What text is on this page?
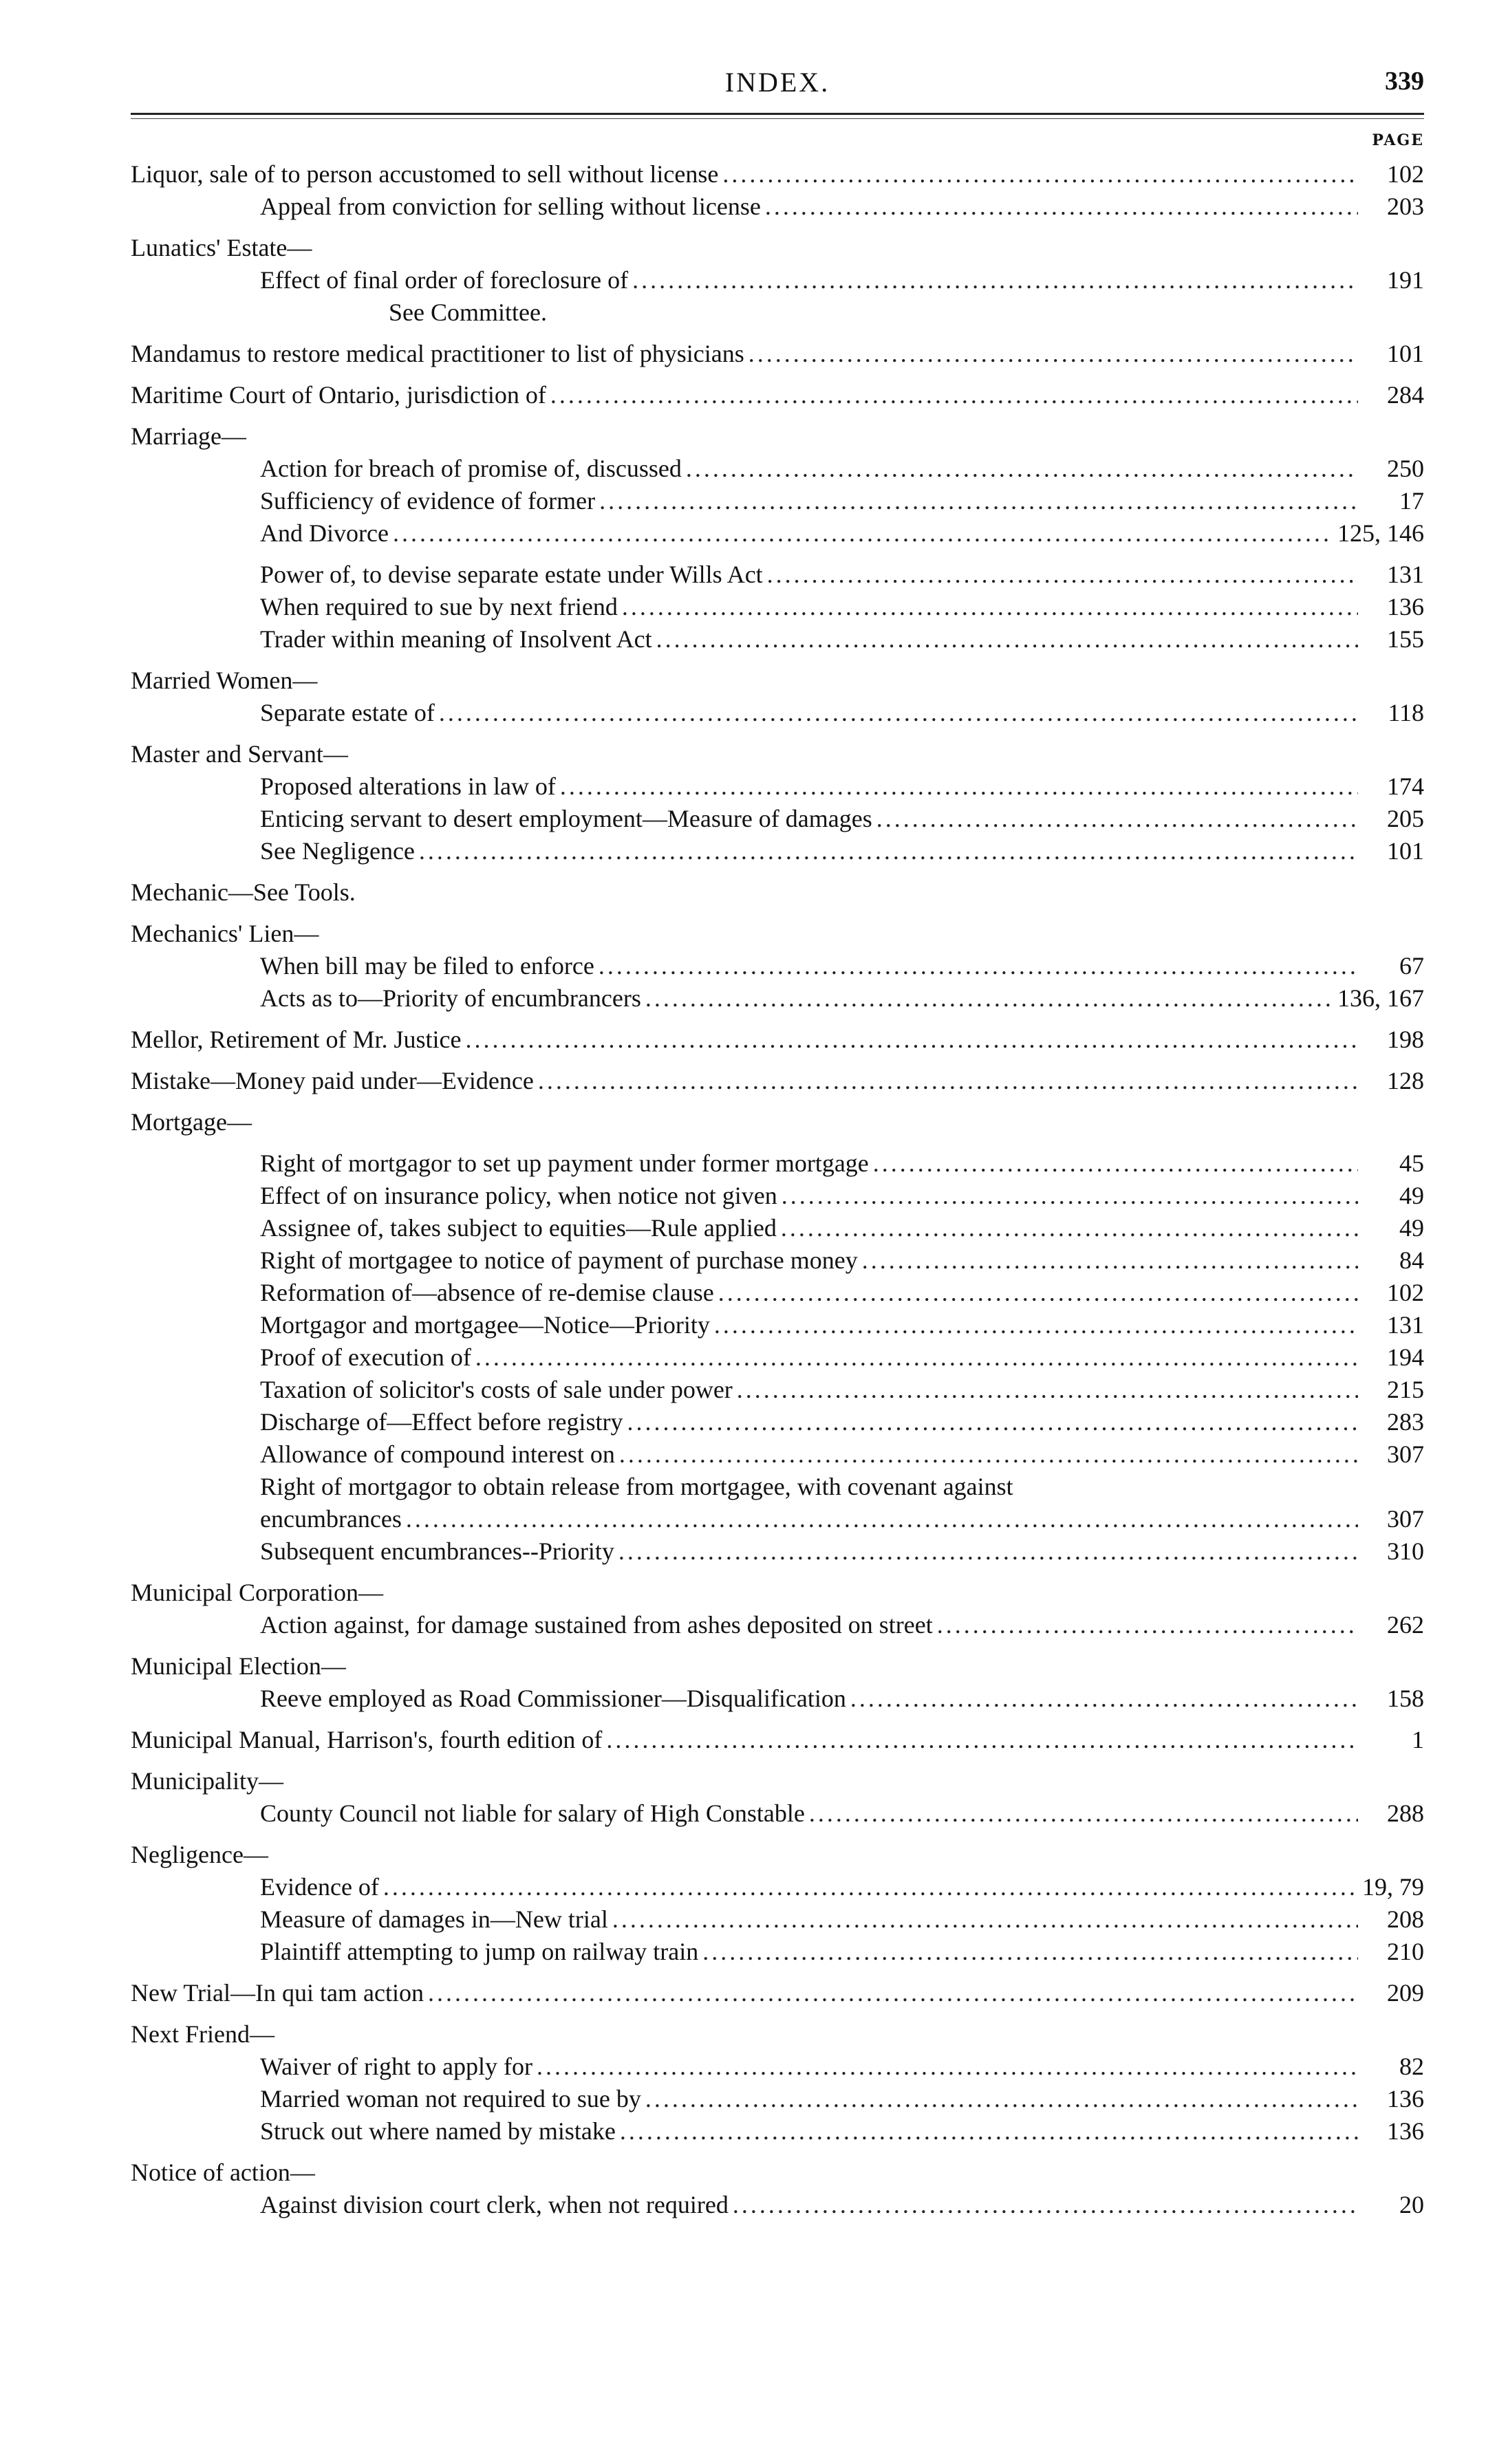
INDEX.	339
PAGE
Liquor, sale of to person accustomed to sell without license .....	102
Appeal from conviction for selling without license .....	203
Lunatics' Estate—
Effect of final order of foreclosure of .....	191
See Committee.
Mandamus to restore medical practitioner to list of physicians .....	101
Maritime Court of Ontario, jurisdiction of .....	284
Marriage—
Action for breach of promise of, discussed .....	250
Sufficiency of evidence of former .....	17
And Divorce .....	125, 146
Power of, to devise separate estate under Wills Act .....	131
When required to sue by next friend .....	136
Trader within meaning of Insolvent Act .....	155
Married Women—
Separate estate of .....	118
Master and Servant—
Proposed alterations in law of .....	174
Enticing servant to desert employment—Measure of damages .....	205
See Negligence .....	101
Mechanic—See Tools.
Mechanics' Lien—
When bill may be filed to enforce .....	67
Acts as to—Priority of encumbrancers .....	136, 167
Mellor, Retirement of Mr. Justice .....	198
Mistake—Money paid under—Evidence .....	128
Mortgage—
Right of mortgagor to set up payment under former mortgage .....	45
Effect of on insurance policy, when notice not given .....	49
Assignee of, takes subject to equities—Rule applied .....	49
Right of mortgagee to notice of payment of purchase money .....	84
Reformation of—absence of re-demise clause .....	102
Mortgagor and mortgagee—Notice—Priority .....	131
Proof of execution of .....	194
Taxation of solicitor's costs of sale under power .....	215
Discharge of—Effect before registry .....	283
Allowance of compound interest on .....	307
Right of mortgagor to obtain release from mortgagee, with covenant against
encumbrances .....	307
Subsequent encumbrances--Priority .....	310
Municipal Corporation—
Action against, for damage sustained from ashes deposited on street .....	262
Municipal Election—
Reeve employed as Road Commissioner—Disqualification .....	158
Municipal Manual, Harrison's, fourth edition of .....	1
Municipality—
County Council not liable for salary of High Constable .....	288
Negligence—
Evidence of .....	19, 79
Measure of damages in—New trial .....	208
Plaintiff attempting to jump on railway train .....	210
New Trial—In qui tam action .....	209
Next Friend—
Waiver of right to apply for .....	82
Married woman not required to sue by .....	136
Struck out where named by mistake .....	136
Notice of action—
Against division court clerk, when not required .....	20
